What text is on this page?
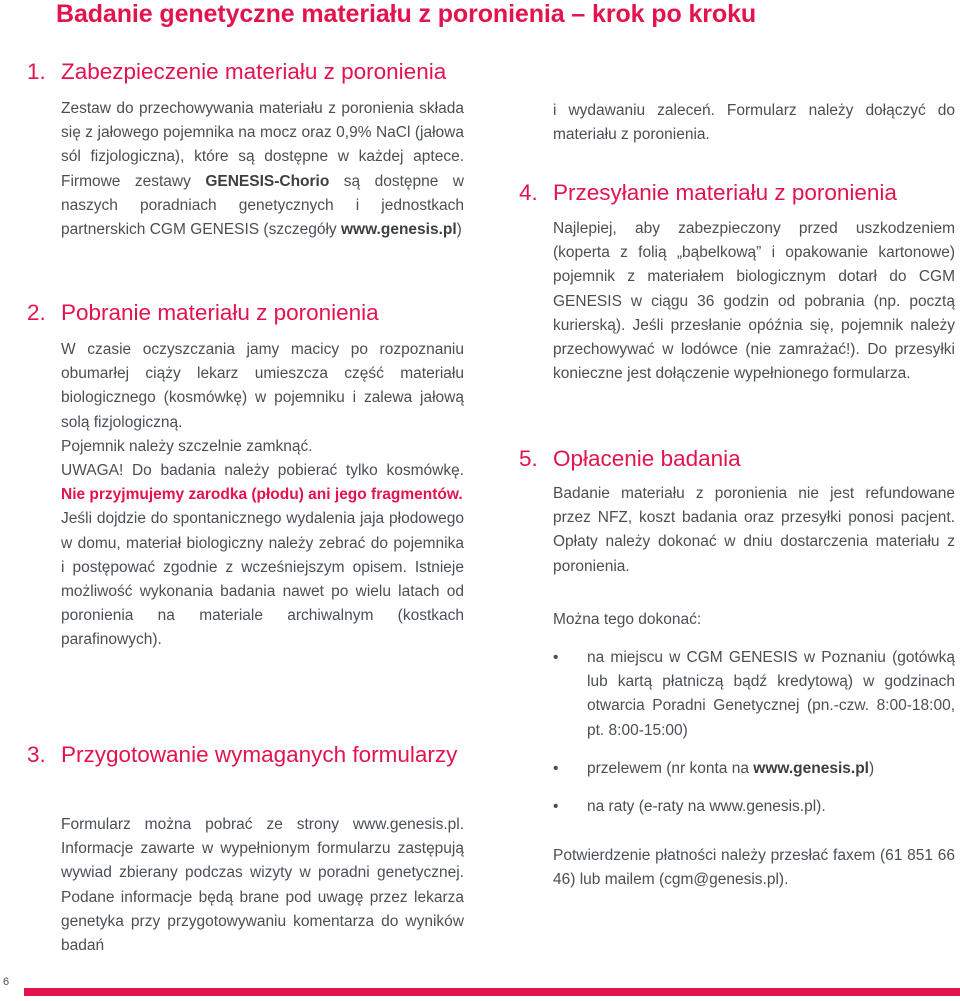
Badanie genetyczne materiału z poronienia – krok po kroku
1. Zabezpieczenie materiału z poronienia

Zestaw do przechowywania materiału z poronienia składa się z jałowego pojemnika na mocz oraz 0,9% NaCl (jałowa sól fizjologiczna), które są dostępne w każdej aptece. Firmowe zestawy GENESIS-Chorio są dostępne w naszych poradniach genetycznych i jednostkach partnerskich CGM GENESIS (szczegóły www.genesis.pl)

2. Pobranie materiału z poronienia

W czasie oczyszczania jamy macicy po rozpoznaniu obumarłej ciąży lekarz umieszcza część materiału biologicznego (kosmówkę) w pojemniku i zalewa jałową solą fizjologiczną.

Pojemnik należy szczelnie zamknąć.

UWAGA! Do badania należy pobierać tylko kosmówkę. Nie przyjmujemy zarodka (płodu) ani jego fragmentów.

Jeśli dojdzie do spontanicznego wydalenia jaja płodowego w domu, materiał biologiczny należy zebrać do pojemnika i postępować zgodnie z wcześniejszym opisem. Istnieje możliwość wykonania badania nawet po wielu latach od poronienia na materiale archiwalnym (kostkach parafinowych).

3. Przygotowanie wymaganych formularzy

Formularz można pobrać ze strony www.genesis.pl. Informacje zawarte w wypełnionym formularzu zastępują wywiad zbierany podczas wizyty w poradni genetycznej. Podane informacje będą brane pod uwagę przez lekarza genetyka przy przygotowywaniu komentarza do wyników badań

6

i wydawaniu zaleceń. Formularz należy dołączyć do materiału z poronienia.

4. Przesyłanie materiału z poronienia

Najlepiej, aby zabezpieczony przed uszkodzeniem (koperta z folią „bąbelkową” i opakowanie kartonowe) pojemnik z materiałem biologicznym dotarł do CGM GENESIS w ciągu 36 godzin od pobrania (np. pocztą kurierską). Jeśli przesłanie opóźnia się, pojemnik należy przechowywać w lodówce (nie zamrażać!). Do przesyłki konieczne jest dołączenie wypełnionego formularza.

5. Opłacenie badania

Badanie materiału z poronienia nie jest refundowane przez NFZ, koszt badania oraz przesyłki ponosi pacjent. Opłaty należy dokonać w dniu dostarczenia materiału z poronienia.

Można tego dokonać:

• na miejscu w CGM GENESIS w Poznaniu (gotówką lub kartą płatniczą bądź kredytową) w godzinach otwarcia Poradni Genetycznej (pn.-czw. 8:00-18:00, pt. 8:00-15:00)
• przelewem (nr konta na www.genesis.pl)
• na raty (e-raty na www.genesis.pl).

Potwierdzenie płatności należy przesłać faxem (61 851 66 46) lub mailem (cgm@genesis.pl).
